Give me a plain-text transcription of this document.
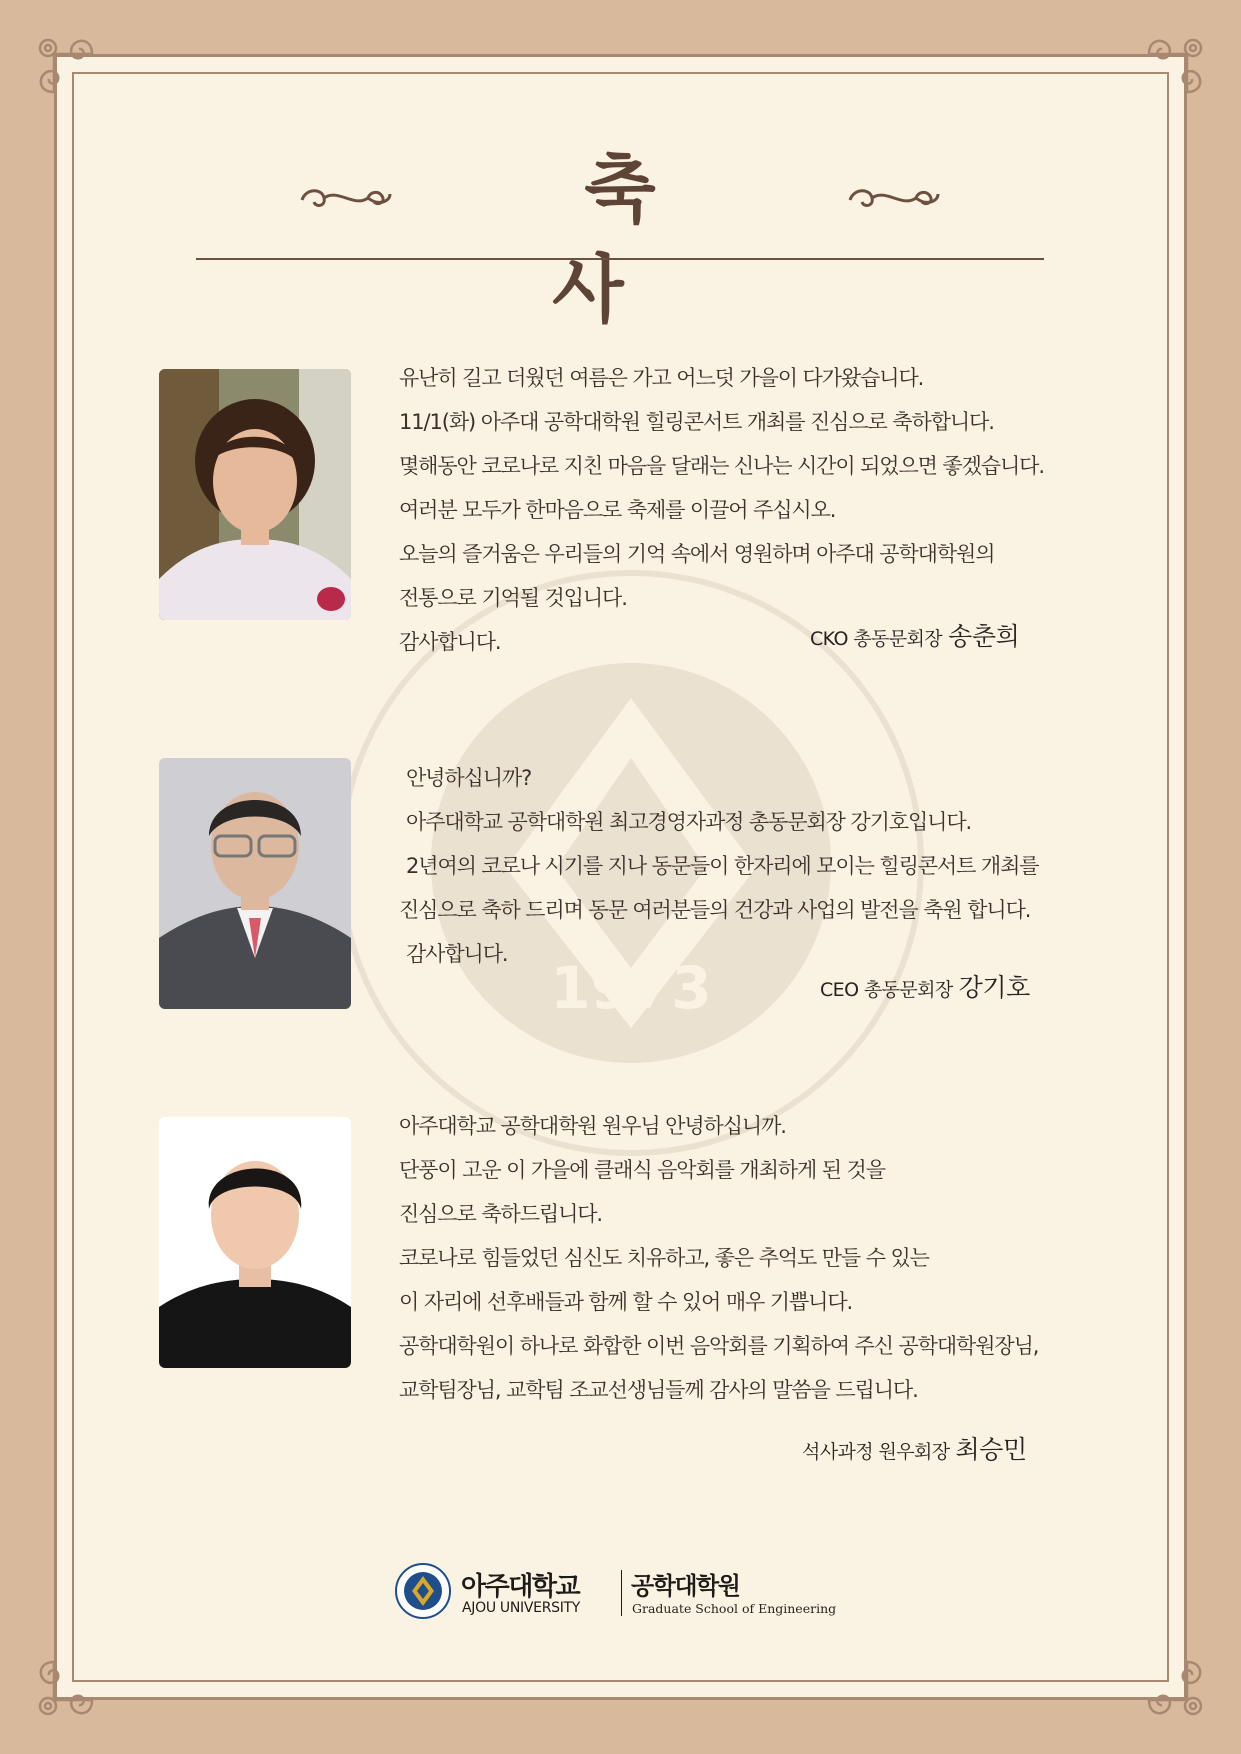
1973
축 사
유난히 길고 더웠던 여름은 가고 어느덧 가을이 다가왔습니다.
11/1(화) 아주대 공학대학원 힐링콘서트 개최를 진심으로 축하합니다.
몇해동안 코로나로 지친 마음을 달래는 신나는 시간이 되었으면 좋겠습니다.
여러분 모두가 한마음으로 축제를 이끌어 주십시오.
오늘의 즐거움은 우리들의 기억 속에서 영원하며 아주대 공학대학원의
전통으로 기억될 것입니다.
감사합니다.	CKO 총동문회장 송춘희
안녕하십니까?
아주대학교 공학대학원 최고경영자과정 총동문회장 강기호입니다.
2년여의 코로나 시기를 지나 동문들이 한자리에 모이는 힐링콘서트 개최를
진심으로 축하 드리며 동문 여러분들의 건강과 사업의 발전을 축원 합니다.
감사합니다.
CEO 총동문회장 강기호
아주대학교 공학대학원 원우님 안녕하십니까.
단풍이 고운 이 가을에 클래식 음악회를 개최하게 된 것을
진심으로 축하드립니다.
코로나로 힘들었던 심신도 치유하고, 좋은 추억도 만들 수 있는
이 자리에 선후배들과 함께 할 수 있어 매우 기쁩니다.
공학대학원이 하나로 화합한 이번 음악회를 기획하여 주신 공학대학원장님,
교학팀장님, 교학팀 조교선생님들께 감사의 말씀을 드립니다.
석사과정 원우회장 최승민
아주대학교
AJOU UNIVERSITY
공학대학원
Graduate School of Engineering
